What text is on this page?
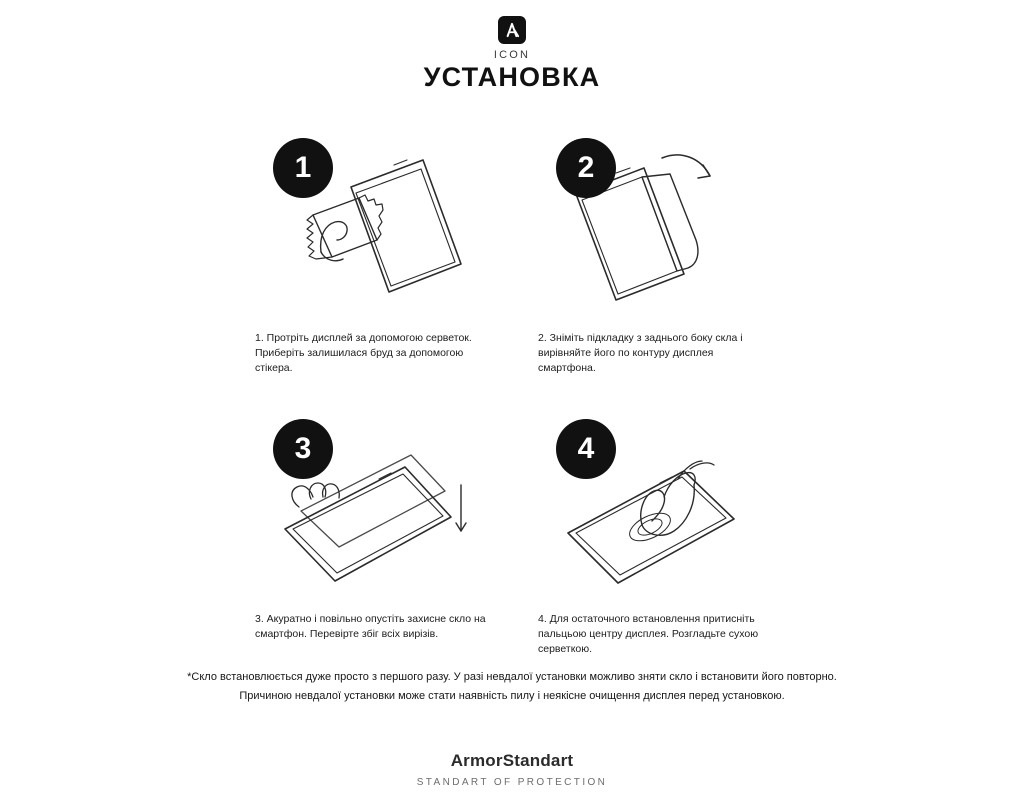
ICON
УСТАНОВКА
1
1. Протріть дисплей за допомогою серветок. Приберіть залишилася бруд за допомогою стікера.
2
2. Зніміть підкладку з заднього боку скла і вирівняйте його по контуру дисплея смартфона.
3
3. Акуратно і повільно опустіть захисне скло на смартфон. Перевірте збіг всіх вирізів.
4
4. Для остаточного встановлення притисніть пальцьою центру дисплея. Розгладьте сухою серветкою.
*Скло встановлюється дуже просто з першого разу. У разі невдалої установки можливо зняти скло і встановити його повторно. Причиною невдалої установки може стати наявність пилу і неякісне очищення дисплея перед установкою.
ArmorStandart
STANDART OF PROTECTION
